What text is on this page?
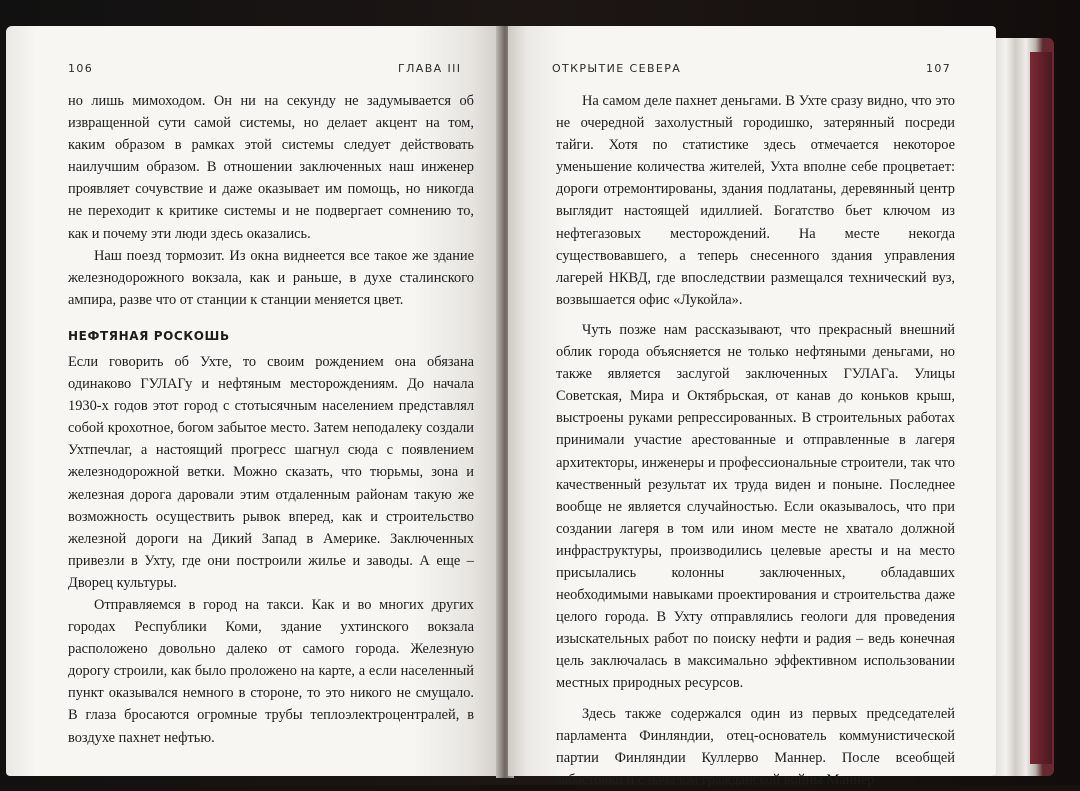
106	ГЛАВА III

но лишь мимоходом. Он ни на секунду не задумывается об извращенной сути самой системы, но делает акцент на том, каким образом в рамках этой системы следует действовать наилучшим образом. В отношении заключенных наш инженер проявляет сочувствие и даже оказывает им помощь, но никогда не переходит к критике системы и не подвергает сомнению то, как и почему эти люди здесь оказались.

Наш поезд тормозит. Из окна виднеется все такое же здание железнодорожного вокзала, как и раньше, в духе сталинского ампира, разве что от станции к станции меняется цвет.

НЕФТЯНАЯ РОСКОШЬ

Если говорить об Ухте, то своим рождением она обязана одинаково ГУЛАГу и нефтяным месторождениям. До начала 1930-х годов этот город с стотысячным населением представлял собой крохотное, богом забытое место. Затем неподалеку создали Ухтпечлаг, а настоящий прогресс шагнул сюда с появлением железнодорожной ветки. Можно сказать, что тюрьмы, зона и железная дорога даровали этим отдаленным районам такую же возможность осуществить рывок вперед, как и строительство железной дороги на Дикий Запад в Америке. Заключенных привезли в Ухту, где они построили жилье и заводы. А еще – Дворец культуры.

Отправляемся в город на такси. Как и во многих других городах Республики Коми, здание ухтинского вокзала расположено довольно далеко от самого города. Железную дорогу строили, как было проложено на карте, а если населенный пункт оказывался немного в стороне, то это никого не смущало. В глаза бросаются огромные трубы теплоэлектроцентралей, в воздухе пахнет нефтью.

ОТКРЫТИЕ СЕВЕРА	107

На самом деле пахнет деньгами. В Ухте сразу видно, что это не очередной захолустный городишко, затерянный посреди тайги. Хотя по статистике здесь отмечается некоторое уменьшение количества жителей, Ухта вполне себе процветает: дороги отремонтированы, здания подлатаны, деревянный центр выглядит настоящей идиллией. Богатство бьет ключом из нефтегазовых месторождений. На месте некогда существовавшего, а теперь снесенного здания управления лагерей НКВД, где впоследствии размещался технический вуз, возвышается офис «Лукойла».

Чуть позже нам рассказывают, что прекрасный внешний облик города объясняется не только нефтяными деньгами, но также является заслугой заключенных ГУЛАГа. Улицы Советская, Мира и Октябрьская, от канав до коньков крыш, выстроены руками репрессированных. В строительных работах принимали участие арестованные и отправленные в лагеря архитекторы, инженеры и профессиональные строители, так что качественный результат их труда виден и поныне. Последнее вообще не является случайностью. Если оказывалось, что при создании лагеря в том или ином месте не хватало должной инфраструктуры, производились целевые аресты и на место присылались колонны заключенных, обладавших необходимыми навыками проектирования и строительства даже целого города. В Ухту отправлялись геологи для проведения изыскательных работ по поиску нефти и радия – ведь конечная цель заключалась в максимально эффективном использовании местных природных ресурсов.

Здесь также содержался один из первых председателей парламента Финляндии, отец-основатель коммунистической партии Финляндии Куллерво Маннер. После всеобщей забастовки и с началом гражданской войны Маннер
